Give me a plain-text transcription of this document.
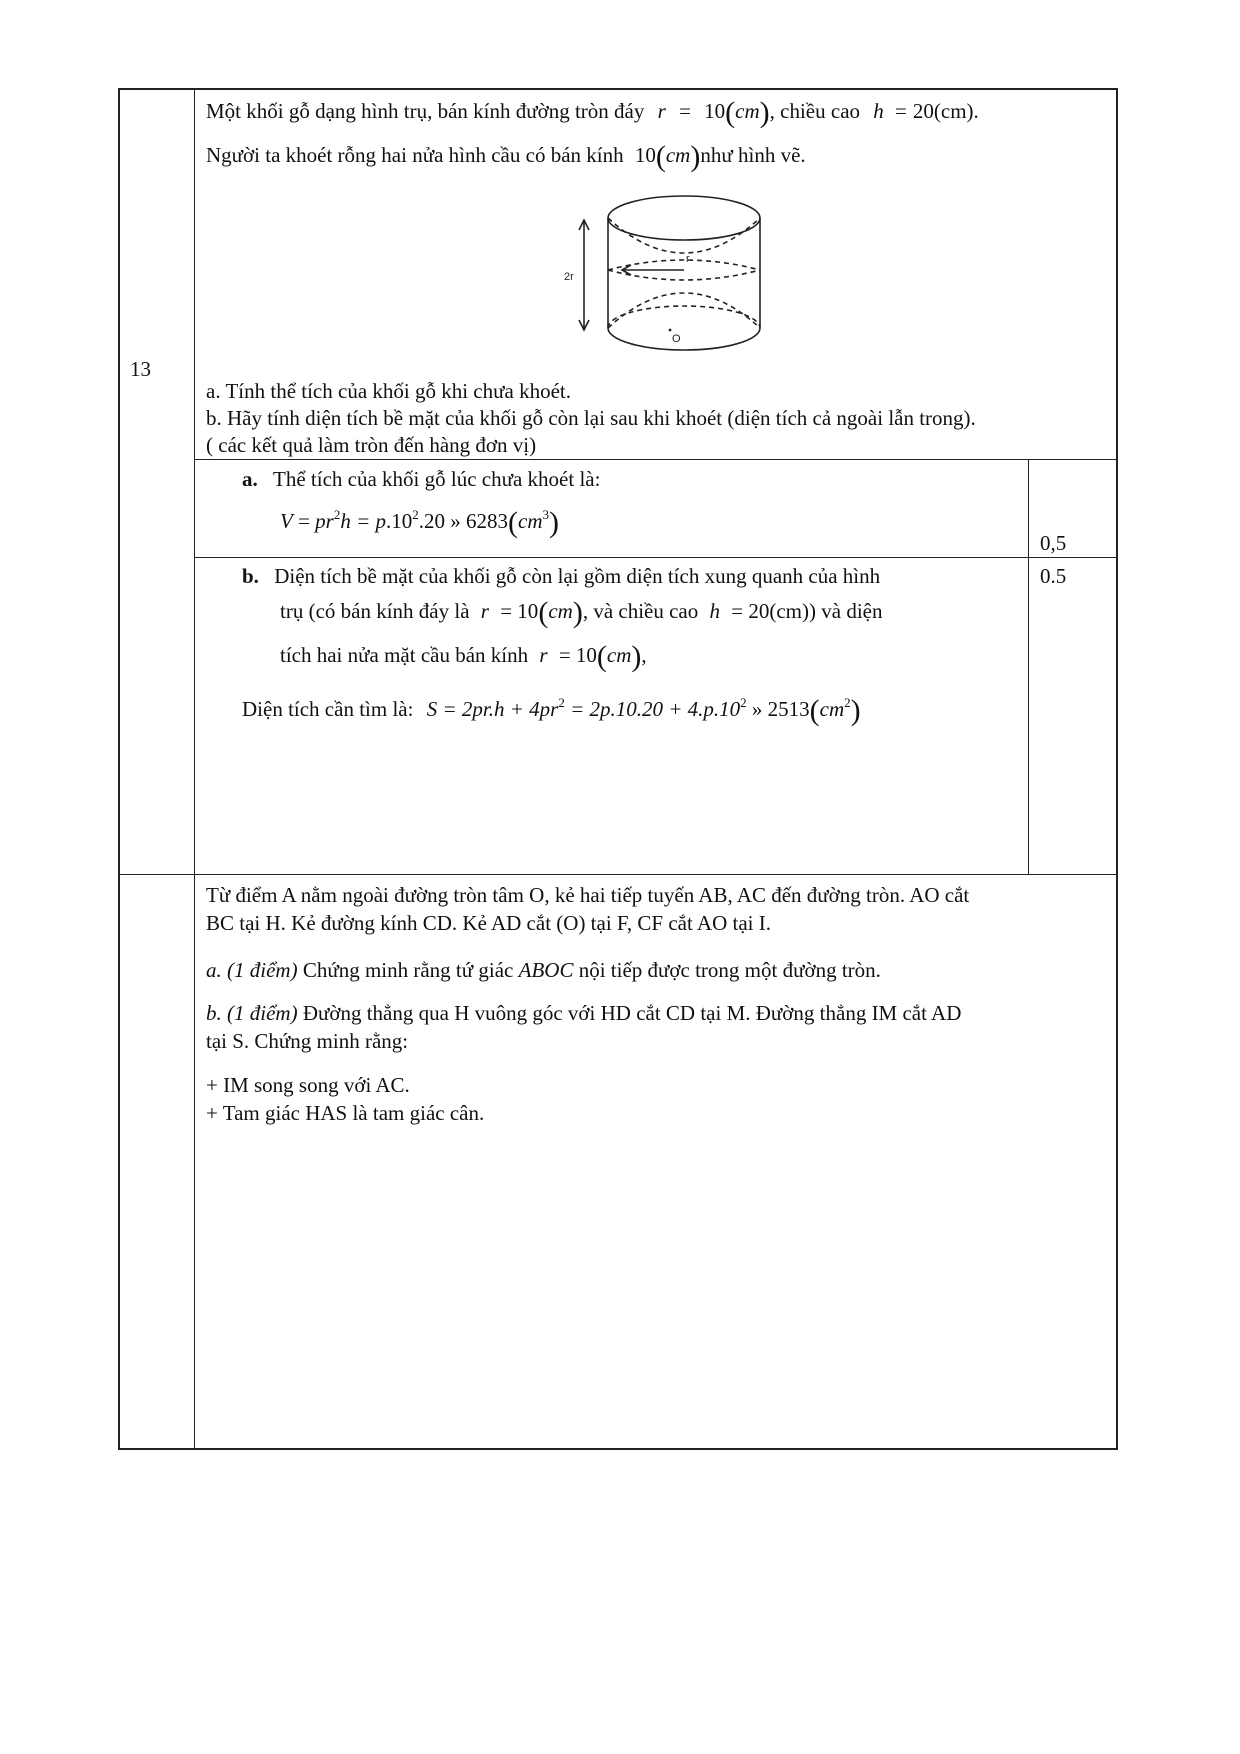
13
Một khối gỗ dạng hình trụ, bán kính đường tròn đáy r = 10(cm), chiều cao h = 20(cm).
Người ta khoét rỗng hai nửa hình cầu có bán kính 10(cm)như hình vẽ.
2r
r
O
a. Tính thể tích của khối gỗ khi chưa khoét.
b. Hãy tính diện tích bề mặt của khối gỗ còn lại sau khi khoét (diện tích cả ngoài lẫn trong).
( các kết quả làm tròn đến hàng đơn vị)
a. Thể tích của khối gỗ lúc chưa khoét là:
$V = pr^2h = p.10^2.20$ » $6283(cm^3)$
0,5
b. Diện tích bề mặt của khối gỗ còn lại gồm diện tích xung quanh của hình
trụ (có bán kính đáy là r = 10(cm), và chiều cao h = 20(cm)) và diện
tích hai nửa mặt cầu bán kính r = 10(cm),
Diện tích cần tìm là: $S = 2pr.h + 4pr^2 = 2p.10.20 + 4.p.10^2$ » $2513(cm^2)$
0.5
Từ điểm A nằm ngoài đường tròn tâm O, kẻ hai tiếp tuyến AB, AC đến đường tròn. AO cắt
BC tại H. Kẻ đường kính CD. Kẻ AD cắt (O) tại F, CF cắt AO tại I.
a. (1 điểm) Chứng minh rằng tứ giác ABOC nội tiếp được trong một đường tròn.
b. (1 điểm) Đường thẳng qua H vuông góc với HD cắt CD tại M. Đường thẳng IM cắt AD
tại S. Chứng minh rằng:
+ IM song song với AC.
+ Tam giác HAS là tam giác cân.
